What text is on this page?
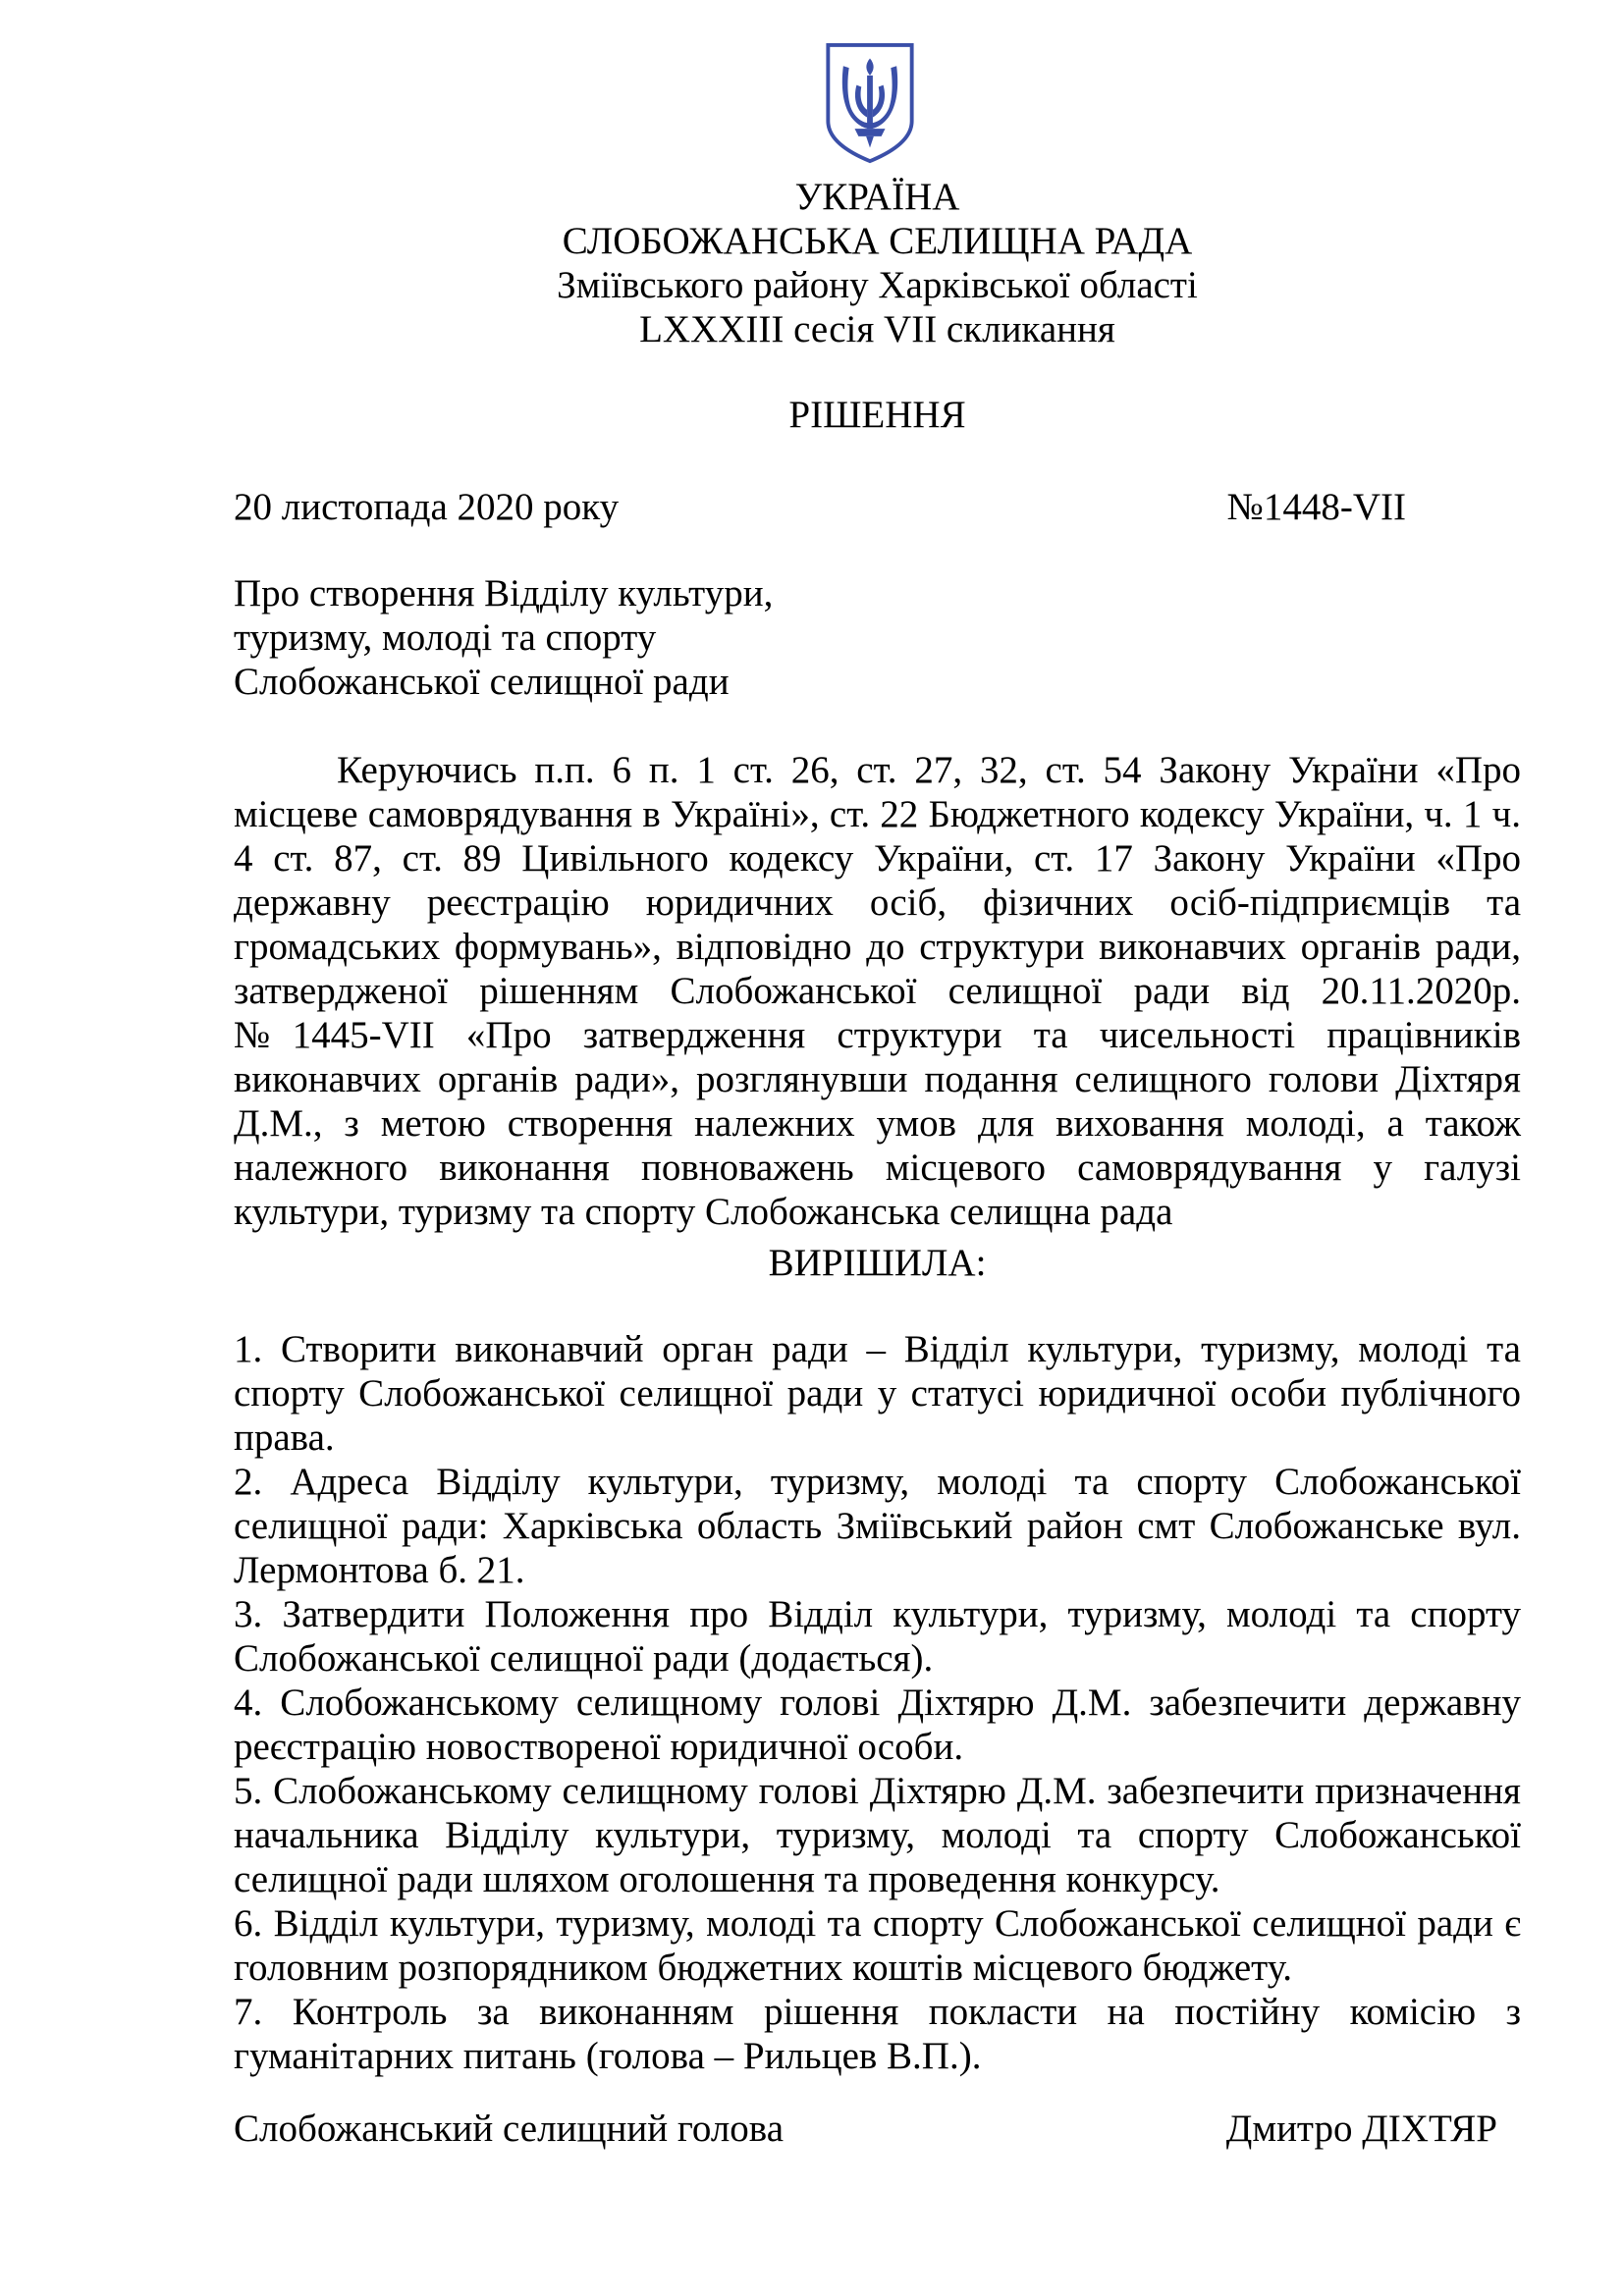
УКРАЇНА
СЛОБОЖАНСЬКА СЕЛИЩНА РАДА
Зміївського району Харківської області
LXXXIII сесія VII скликання
РІШЕННЯ
20 листопада 2020 року	№1448-VII
Про створення Відділу культури,
туризму, молоді та спорту
Слобожанської селищної ради
Керуючись п.п. 6 п. 1 ст. 26, ст. 27, 32, ст. 54 Закону України «Про місцеве самоврядування в Україні», ст. 22 Бюджетного кодексу України, ч. 1 ч. 4 ст. 87, ст. 89 Цивільного кодексу України, ст. 17 Закону України «Про державну реєстрацію юридичних осіб, фізичних осіб-підприємців та громадських формувань», відповідно до структури виконавчих органів ради, затвердженої рішенням Слобожанської селищної ради від 20.11.2020р. №1445-VII «Про затвердження структури та чисельності працівників виконавчих органів ради», розглянувши подання селищного голови Діхтяря Д.М., з метою створення належних умов для виховання молоді, а також належного виконання повноважень місцевого самоврядування у галузі культури, туризму та спорту Слобожанська селищна рада
ВИРІШИЛА:
1. Створити виконавчий орган ради – Відділ культури, туризму, молоді та спорту Слобожанської селищної ради у статусі юридичної особи публічного права.
2. Адреса Відділу культури, туризму, молоді та спорту Слобожанської селищної ради: Харківська область Зміївський район смт Слобожанське вул. Лермонтова б. 21.
3. Затвердити Положення про Відділ культури, туризму, молоді та спорту Слобожанської селищної ради (додається).
4. Слобожанському селищному голові Діхтярю Д.М. забезпечити державну реєстрацію новоствореної юридичної особи.
5. Слобожанському селищному голові Діхтярю Д.М. забезпечити призначення начальника Відділу культури, туризму, молоді та спорту Слобожанської селищної ради шляхом оголошення та проведення конкурсу.
6. Відділ культури, туризму, молоді та спорту Слобожанської селищної ради є головним розпорядником бюджетних коштів місцевого бюджету.
7. Контроль за виконанням рішення покласти на постійну комісію з гуманітарних питань (голова – Рильцев В.П.).
Слобожанський селищний голова	Дмитро ДІХТЯР
